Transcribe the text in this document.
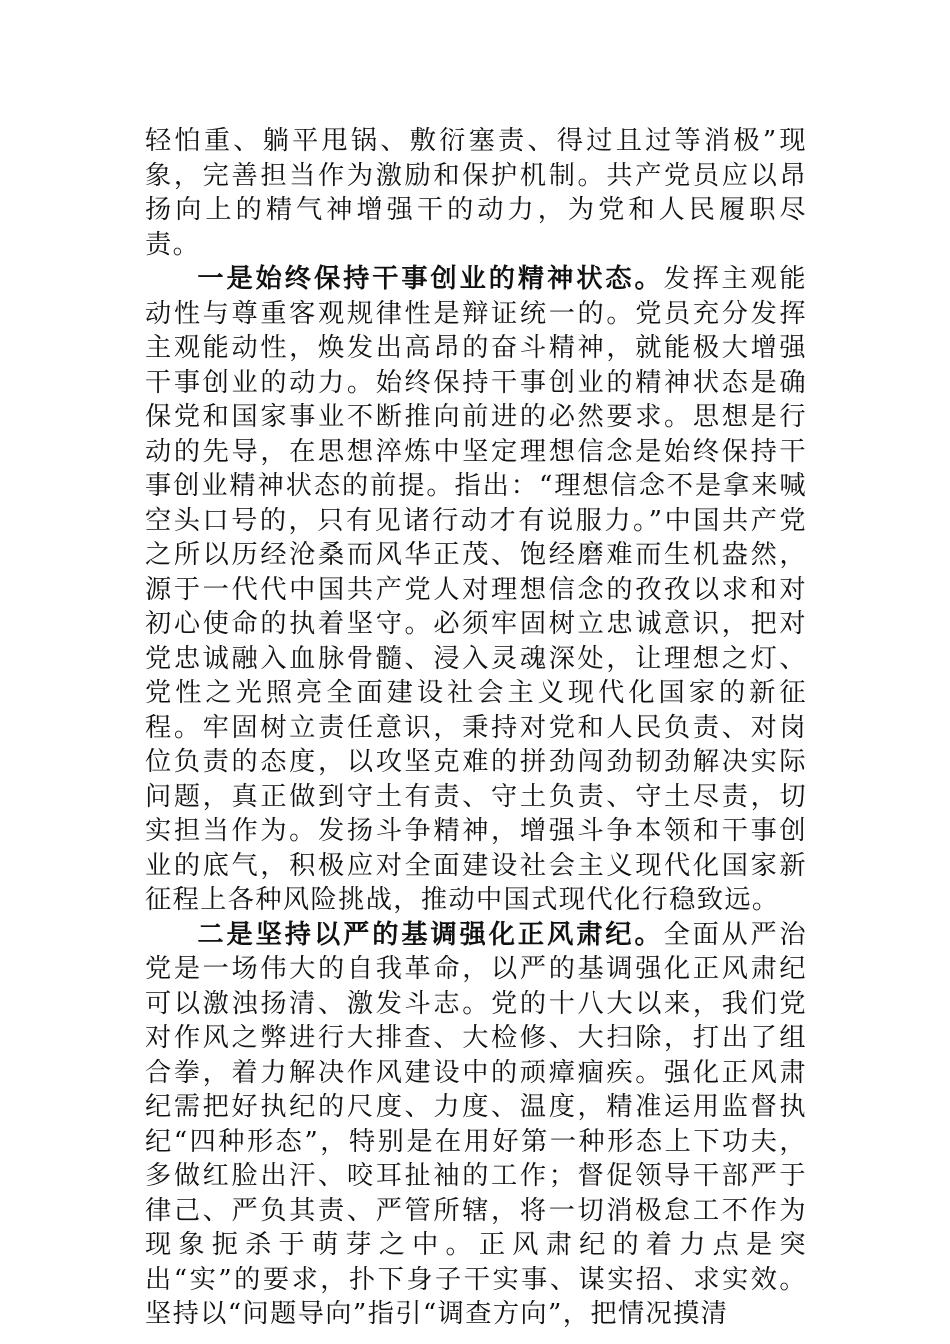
轻怕重、躺平甩锅、敷衍塞责、得过且过等消极”现象，完善担当作为激励和保护机制。共产党员应以昂扬向上的精气神增强干的动力，为党和人民履职尽责。

一是始终保持干事创业的精神状态。发挥主观能动性与尊重客观规律性是辩证统一的。党员充分发挥主观能动性，焕发出高昂的奋斗精神，就能极大增强干事创业的动力。始终保持干事创业的精神状态是确保党和国家事业不断推向前进的必然要求。思想是行动的先导，在思想淬炼中坚定理想信念是始终保持干事创业精神状态的前提。指出：“理想信念不是拿来喊空头口号的，只有见诸行动才有说服力。”中国共产党之所以历经沧桑而风华正茂、饱经磨难而生机盎然，源于一代代中国共产党人对理想信念的孜孜以求和对初心使命的执着坚守。必须牢固树立忠诚意识，把对党忠诚融入血脉骨髓、浸入灵魂深处，让理想之灯、党性之光照亮全面建设社会主义现代化国家的新征程。牢固树立责任意识，秉持对党和人民负责、对岗位负责的态度，以攻坚克难的拼劲闯劲韧劲解决实际问题，真正做到守土有责、守土负责、守土尽责，切实担当作为。发扬斗争精神，增强斗争本领和干事创业的底气，积极应对全面建设社会主义现代化国家新征程上各种风险挑战，推动中国式现代化行稳致远。

二是坚持以严的基调强化正风肃纪。全面从严治党是一场伟大的自我革命，以严的基调强化正风肃纪可以激浊扬清、激发斗志。党的十八大以来，我们党对作风之弊进行大排查、大检修、大扫除，打出了组合拳，着力解决作风建设中的顽瘴痼疾。强化正风肃纪需把好执纪的尺度、力度、温度，精准运用监督执纪“四种形态”，特别是在用好第一种形态上下功夫，多做红脸出汗、咬耳扯袖的工作；督促领导干部严于律己、严负其责、严管所辖，将一切消极怠工不作为现象扼杀于萌芽之中。正风肃纪的着力点是突出“实”的要求，扑下身子干实事、谋实招、求实效。坚持以“问题导向”指引“调查方向”，把情况摸清
